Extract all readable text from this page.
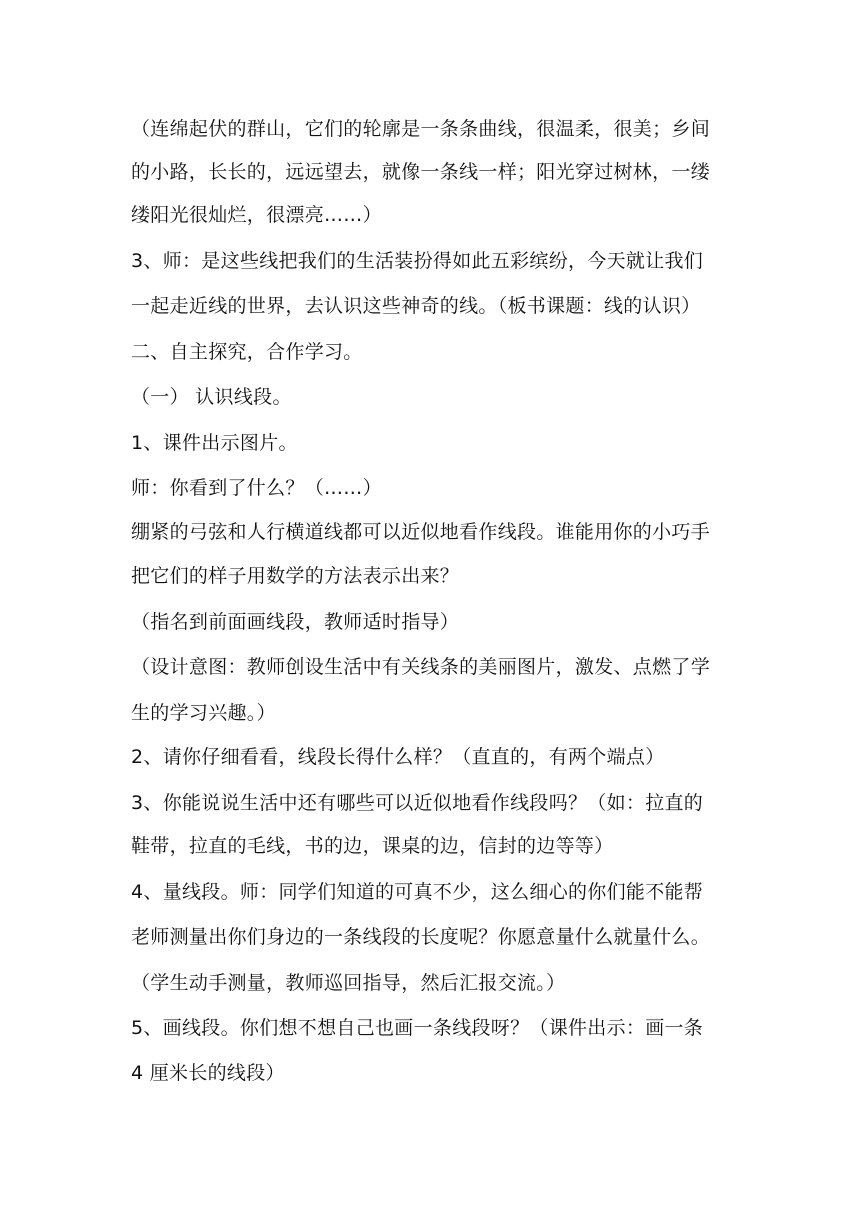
（连绵起伏的群山，它们的轮廓是一条条曲线，很温柔，很美；乡间
的小路，长长的，远远望去，就像一条线一样；阳光穿过树林，一缕
缕阳光很灿烂，很漂亮……）
3、师：是这些线把我们的生活装扮得如此五彩缤纷，今天就让我们
一起走近线的世界，去认识这些神奇的线。（板书课题：线的认识）
二、自主探究，合作学习。
（一） 认识线段。
1、课件出示图片。
师：你看到了什么？（……）
绷紧的弓弦和人行横道线都可以近似地看作线段。谁能用你的小巧手
把它们的样子用数学的方法表示出来？
（指名到前面画线段，教师适时指导）
（设计意图：教师创设生活中有关线条的美丽图片，激发、点燃了学
生的学习兴趣。）
2、请你仔细看看，线段长得什么样？（直直的，有两个端点）
3、你能说说生活中还有哪些可以近似地看作线段吗？（如：拉直的
鞋带，拉直的毛线，书的边，课桌的边，信封的边等等）
4、量线段。师：同学们知道的可真不少，这么细心的你们能不能帮
老师测量出你们身边的一条线段的长度呢？你愿意量什么就量什么。
（学生动手测量，教师巡回指导，然后汇报交流。）
5、画线段。你们想不想自己也画一条线段呀？（课件出示：画一条
4 厘米长的线段）
